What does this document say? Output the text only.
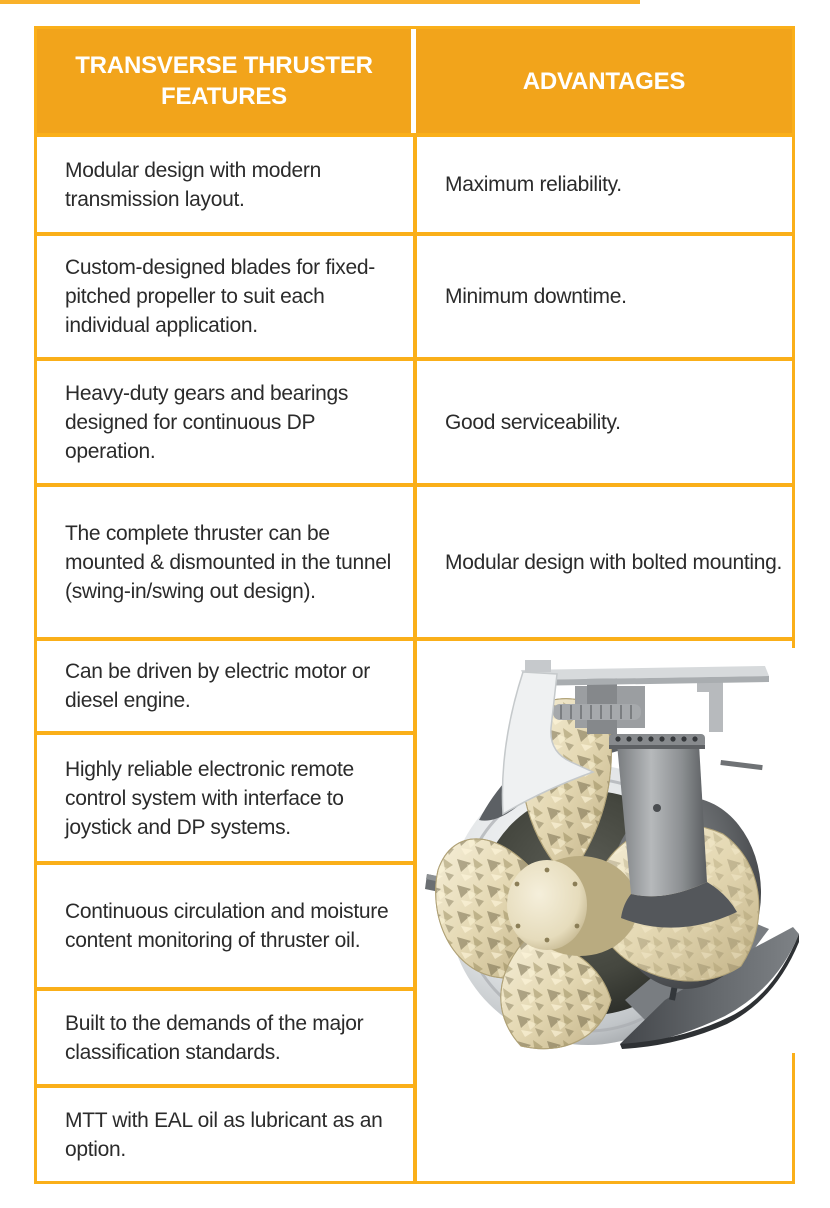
TRANSVERSE THRUSTER FEATURES
ADVANTAGES
Modular design with modern transmission layout.
Custom-designed blades for fixed-pitched propeller to suit each individual application.
Heavy-duty gears and bearings designed for continuous DP operation.
The complete thruster can be mounted & dismounted in the tunnel (swing-in/swing out design).
Can be driven by electric motor or diesel engine.
Highly reliable electronic remote control system with interface to joystick and DP systems.
Continuous circulation and moisture content monitoring of thruster oil.
Built to the demands of the major classification standards.
MTT with EAL oil as lubricant as an option.
Maximum reliability.
Minimum downtime.
Good serviceability.
Modular design with bolted mounting.
